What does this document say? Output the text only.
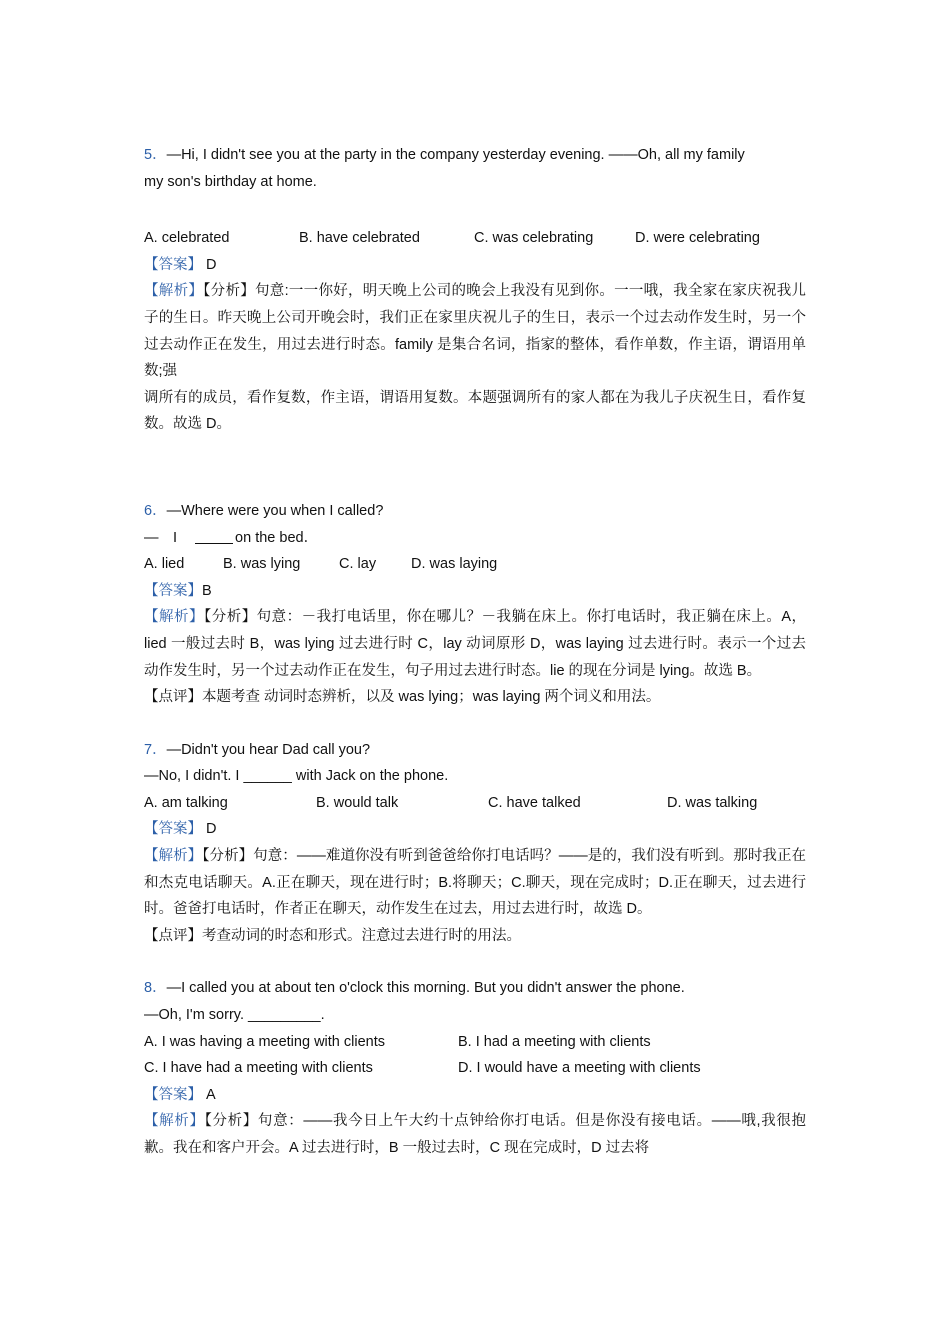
5．—Hi, I didn't see you at the party in the company yesterday evening. ——Oh, all my family

my son's birthday at home.

A. celebrated	B. have celebrated	C. was celebrating	D. were celebrating

【答案】 D

【解析】【分析】句意:一一你好，明天晚上公司的晚会上我没有见到你。一一哦，我全家在家庆祝我儿子的生日。昨天晚上公司开晚会时，我们正在家里庆祝儿子的生日，表示一个过去动作发生时，另一个过去动作正在发生，用过去进行时态。family 是集合名词，指家的整体，看作单数，作主语，谓语用单数;强

调所有的成员，看作复数，作主语，谓语用复数。本题强调所有的家人都在为我儿子庆祝生日，看作复数。故选 D。

6．—Where were you when I called?

—　I	on the bed．

A. lied	B. was lying	C. lay D. was laying

【答案】B

【解析】【分析】句意：－我打电话里，你在哪儿？－我躺在床上。你打电话时，我正躺在床上。A，lied 一般过去时 B，was lying 过去进行时 C，lay 动词原形 D，was laying 过去进行时。表示一个过去动作发生时，另一个过去动作正在发生，句子用过去进行时态。lie 的现在分词是 lying。故选 B。

【点评】本题考查 动词时态辨析，以及 was lying；was laying 两个词义和用法。

7．—Didn't you hear Dad call you?

—No, I didn't. I ______ with Jack on the phone.

A. am talking	B. would talk	C. have talked	D. was talking

【答案】 D

【解析】【分析】句意：——难道你没有听到爸爸给你打电话吗？——是的，我们没有听到。那时我正在和杰克电话聊天。A.正在聊天，现在进行时；B.将聊天；C.聊天，现在完成时；D.正在聊天，过去进行时。爸爸打电话时，作者正在聊天，动作发生在过去，用过去进行时，故选 D。

【点评】考查动词的时态和形式。注意过去进行时的用法。

8．—I called you at about ten o'clock this morning. But you didn't answer the phone.

—Oh, I'm sorry. _________.

A. I was having a meeting with clients	B. I had a meeting with clients

C. I have had a meeting with clients	D. I would have a meeting with clients

【答案】 A

【解析】【分析】句意：——我今日上午大约十点钟给你打电话。但是你没有接电话。——哦,我很抱歉。我在和客户开会。A 过去进行时，B 一般过去时，C 现在完成时，D 过去将
